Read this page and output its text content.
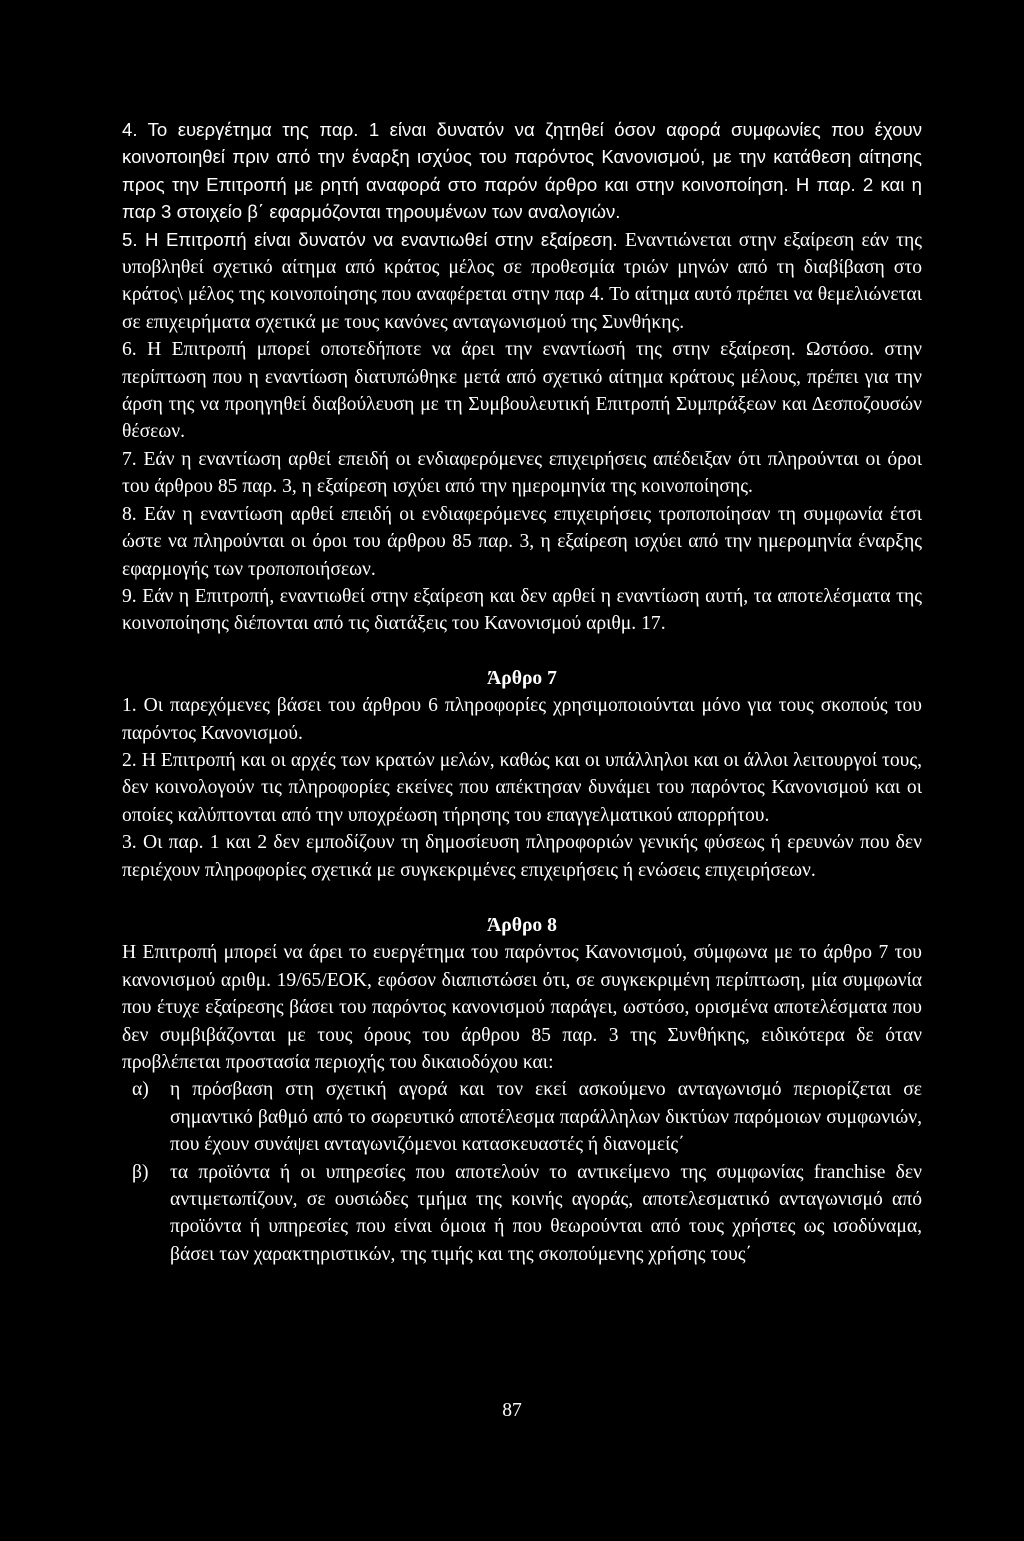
4. Το ευεργέτημα της παρ. 1 είναι δυνατόν να ζητηθεί όσον αφορά συμφωνίες που έχουν κοινοποιηθεί πριν από την έναρξη ισχύος του παρόντος Κανονισμού, με την κατάθεση αίτησης προς την Επιτροπή με ρητή αναφορά στο παρόν άρθρο και στην κοινοποίηση. Η παρ. 2 και η παρ 3 στοιχείο β΄ εφαρμόζονται τηρουμένων των αναλογιών.

5. Η Επιτροπή είναι δυνατόν να εναντιωθεί στην εξαίρεση. Εναντιώνεται στην εξαίρεση εάν της υποβληθεί σχετικό αίτημα από κράτος μέλος σε προθεσμία τριών μηνών από τη διαβίβαση στο κράτος\ μέλος της κοινοποίησης που αναφέρεται στην παρ 4. Το αίτημα αυτό πρέπει να θεμελιώνεται σε επιχειρήματα σχετικά με τους κανόνες ανταγωνισμού της Συνθήκης.

6. Η Επιτροπή μπορεί οποτεδήποτε να άρει την εναντίωσή της στην εξαίρεση. Ωστόσο. στην περίπτωση που η εναντίωση διατυπώθηκε μετά από σχετικό αίτημα κράτους μέλους, πρέπει για την άρση της να προηγηθεί διαβούλευση με τη Συμβουλευτική Επιτροπή Συμπράξεων και Δεσποζουσών θέσεων.

7. Εάν η εναντίωση αρθεί επειδή οι ενδιαφερόμενες επιχειρήσεις απέδειξαν ότι πληρούνται οι όροι του άρθρου 85 παρ. 3, η εξαίρεση ισχύει από την ημερομηνία της κοινοποίησης.

8. Εάν η εναντίωση αρθεί επειδή οι ενδιαφερόμενες επιχειρήσεις τροποποίησαν τη συμφωνία έτσι ώστε να πληρούνται οι όροι του άρθρου 85 παρ. 3, η εξαίρεση ισχύει από την ημερομηνία έναρξης εφαρμογής των τροποποιήσεων.

9. Εάν η Επιτροπή, εναντιωθεί στην εξαίρεση και δεν αρθεί η εναντίωση αυτή, τα αποτελέσματα της κοινοποίησης διέπονται από τις διατάξεις του Κανονισμού αριθμ. 17.

Άρθρο 7

1. Οι παρεχόμενες βάσει του άρθρου 6 πληροφορίες χρησιμοποιούνται μόνο για τους σκοπούς του παρόντος Κανονισμού.

2. Η Επιτροπή και οι αρχές των κρατών μελών, καθώς και οι υπάλληλοι και οι άλλοι λειτουργοί τους, δεν κοινολογούν τις πληροφορίες εκείνες που απέκτησαν δυνάμει του παρόντος Κανονισμού και οι οποίες καλύπτονται από την υποχρέωση τήρησης του επαγγελματικού απορρήτου.

3. Οι παρ. 1 και 2 δεν εμποδίζουν τη δημοσίευση πληροφοριών γενικής φύσεως ή ερευνών που δεν περιέχουν πληροφορίες σχετικά με συγκεκριμένες επιχειρήσεις ή ενώσεις επιχειρήσεων.

Άρθρο 8

Η Επιτροπή μπορεί να άρει το ευεργέτημα του παρόντος Κανονισμού, σύμφωνα με το άρθρο 7 του κανονισμού αριθμ. 19/65/ΕΟΚ, εφόσον διαπιστώσει ότι, σε συγκεκριμένη περίπτωση, μία συμφωνία που έτυχε εξαίρεσης βάσει του παρόντος κανονισμού παράγει, ωστόσο, ορισμένα αποτελέσματα που δεν συμβιβάζονται με τους όρους του άρθρου 85 παρ. 3 της Συνθήκης, ειδικότερα δε όταν προβλέπεται προστασία περιοχής του δικαιοδόχου και:

α)	η πρόσβαση στη σχετική αγορά και τον εκεί ασκούμενο ανταγωνισμό περιορίζεται σε σημαντικό βαθμό από το σωρευτικό αποτέλεσμα παράλληλων δικτύων παρόμοιων συμφωνιών, που έχουν συνάψει ανταγωνιζόμενοι κατασκευαστές ή διανομείς΄
β)	τα προϊόντα ή οι υπηρεσίες που αποτελούν το αντικείμενο της συμφωνίας franchise δεν αντιμετωπίζουν, σε ουσιώδες τμήμα της κοινής αγοράς, αποτελεσματικό ανταγωνισμό από προϊόντα ή υπηρεσίες που είναι όμοια ή που θεωρούνται από τους χρήστες ως ισοδύναμα, βάσει των χαρακτηριστικών, της τιμής και της σκοπούμενης χρήσης τους΄
87
